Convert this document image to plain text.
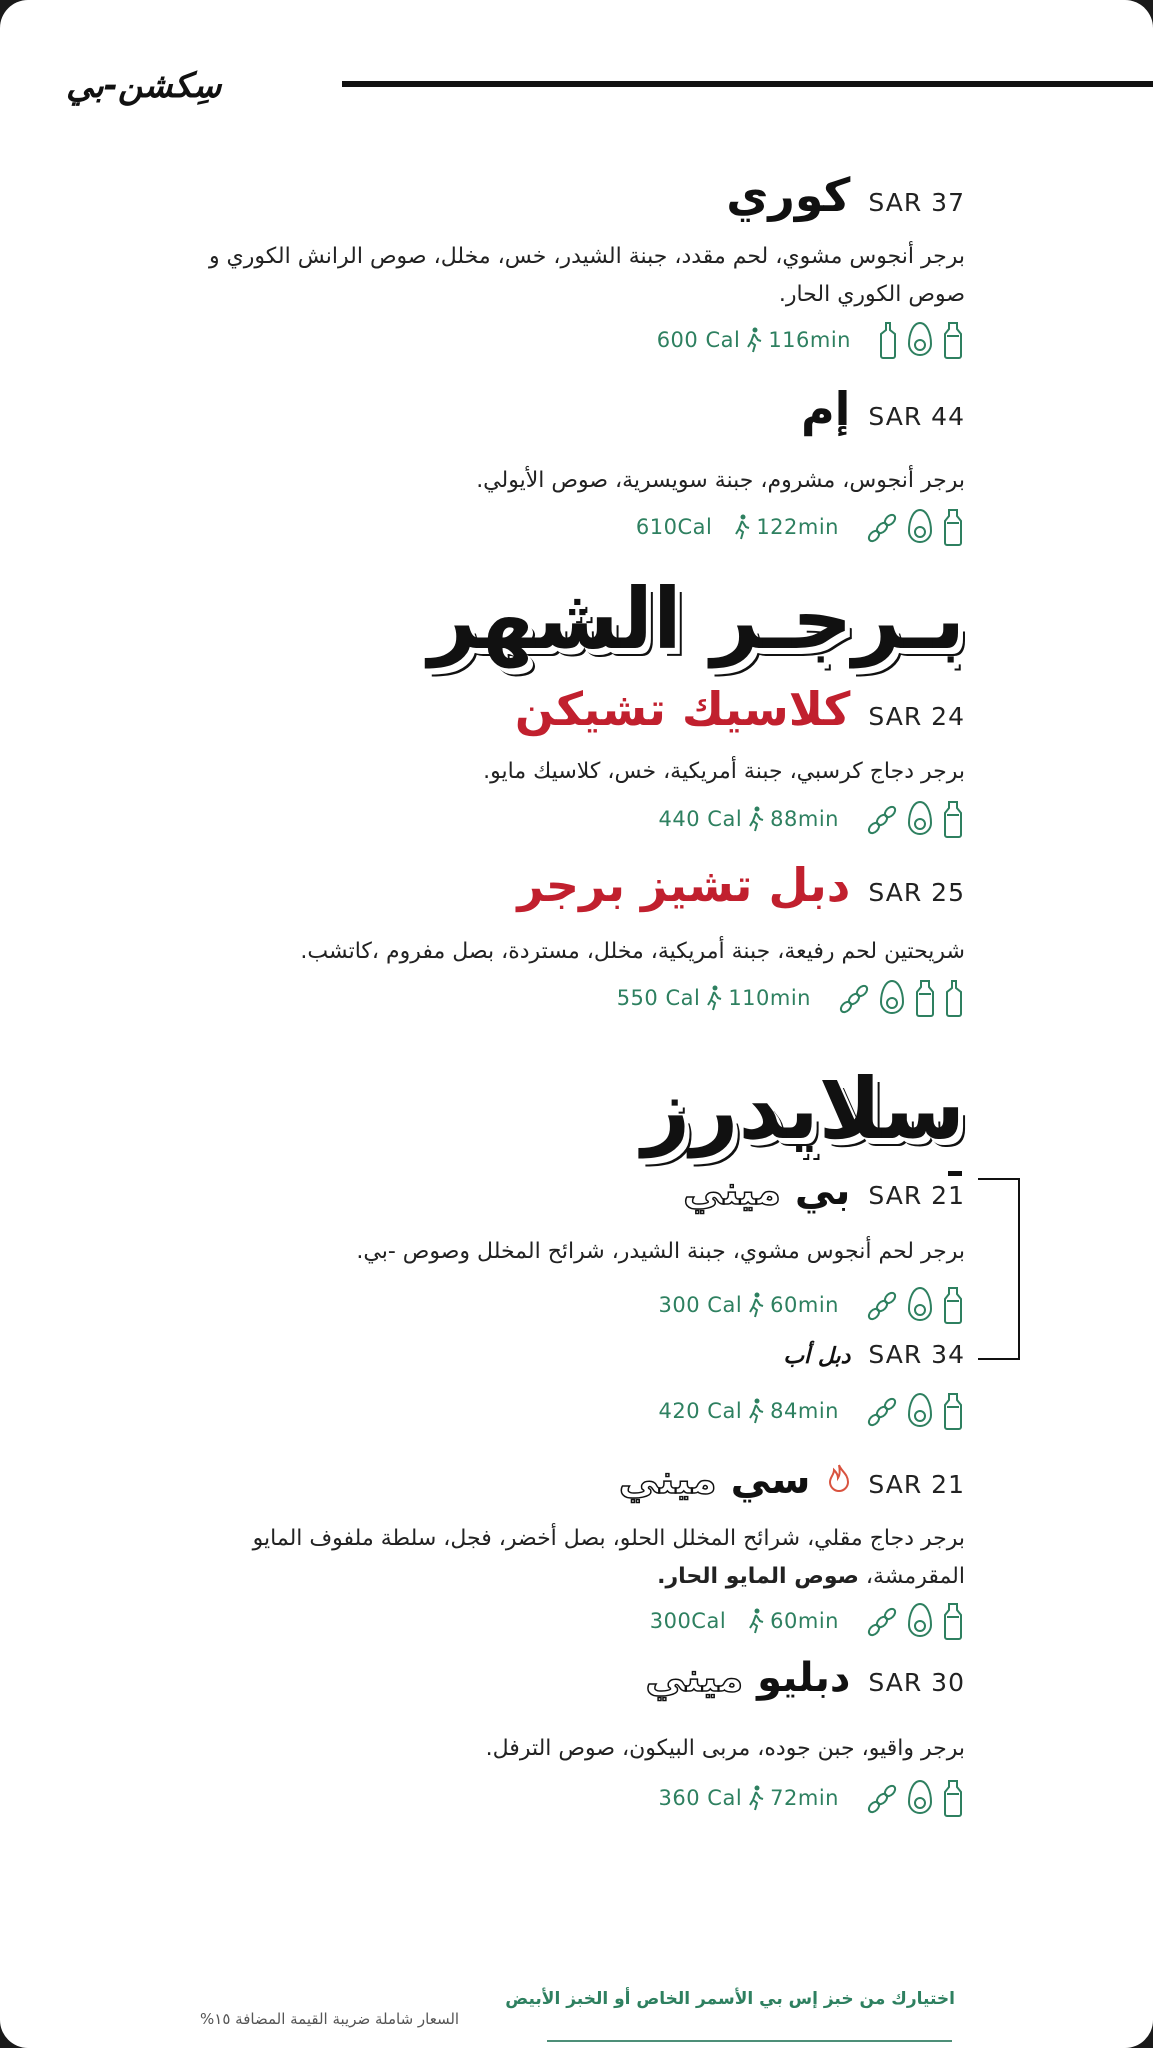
سِكشن-بي
كوري SAR 37
برجر أنجوس مشوي، لحم مقدد، جبنة الشيدر، خس، مخلل، صوص الرانش الكوري و صوص الكوري الحار.
116min
600 Cal
إم SAR 44
برجر أنجوس، مشروم، جبنة سويسرية، صوص الأيولي.
122min
610Cal
بـرجـر الشهر
كلاسيك تشيكن SAR 24
برجر دجاج كرسبي، جبنة أمريكية، خس، كلاسيك مايو.
88min
440 Cal
دبل تشيز برجر SAR 25
شريحتين لحم رفيعة، جبنة أمريكية، مخلل، مستردة، بصل مفروم ،كاتشب.
110min
550 Cal
سلايدرز
بي ميني	SAR 21
برجر لحم أنجوس مشوي، جبنة الشيدر، شرائح المخلل وصوص -بي.
60min
300 Cal
دبل أب SAR 34
84min
420 Cal
سي ميني	SAR 21
برجر دجاج مقلي، شرائح المخلل الحلو، بصل أخضر، فجل، سلطة ملفوف المايو المقرمشة، صوص المايو الحار.
60min
300Cal
دبليو ميني	SAR 30
برجر واقيو، جبن جوده، مربى البيكون، صوص الترفل.
72min
360 Cal
اختيارك من خبز إس بي الأسمر الخاص أو الخبز الأبيض
السعار شاملة ضريبة القيمة المضافة ١٥%
